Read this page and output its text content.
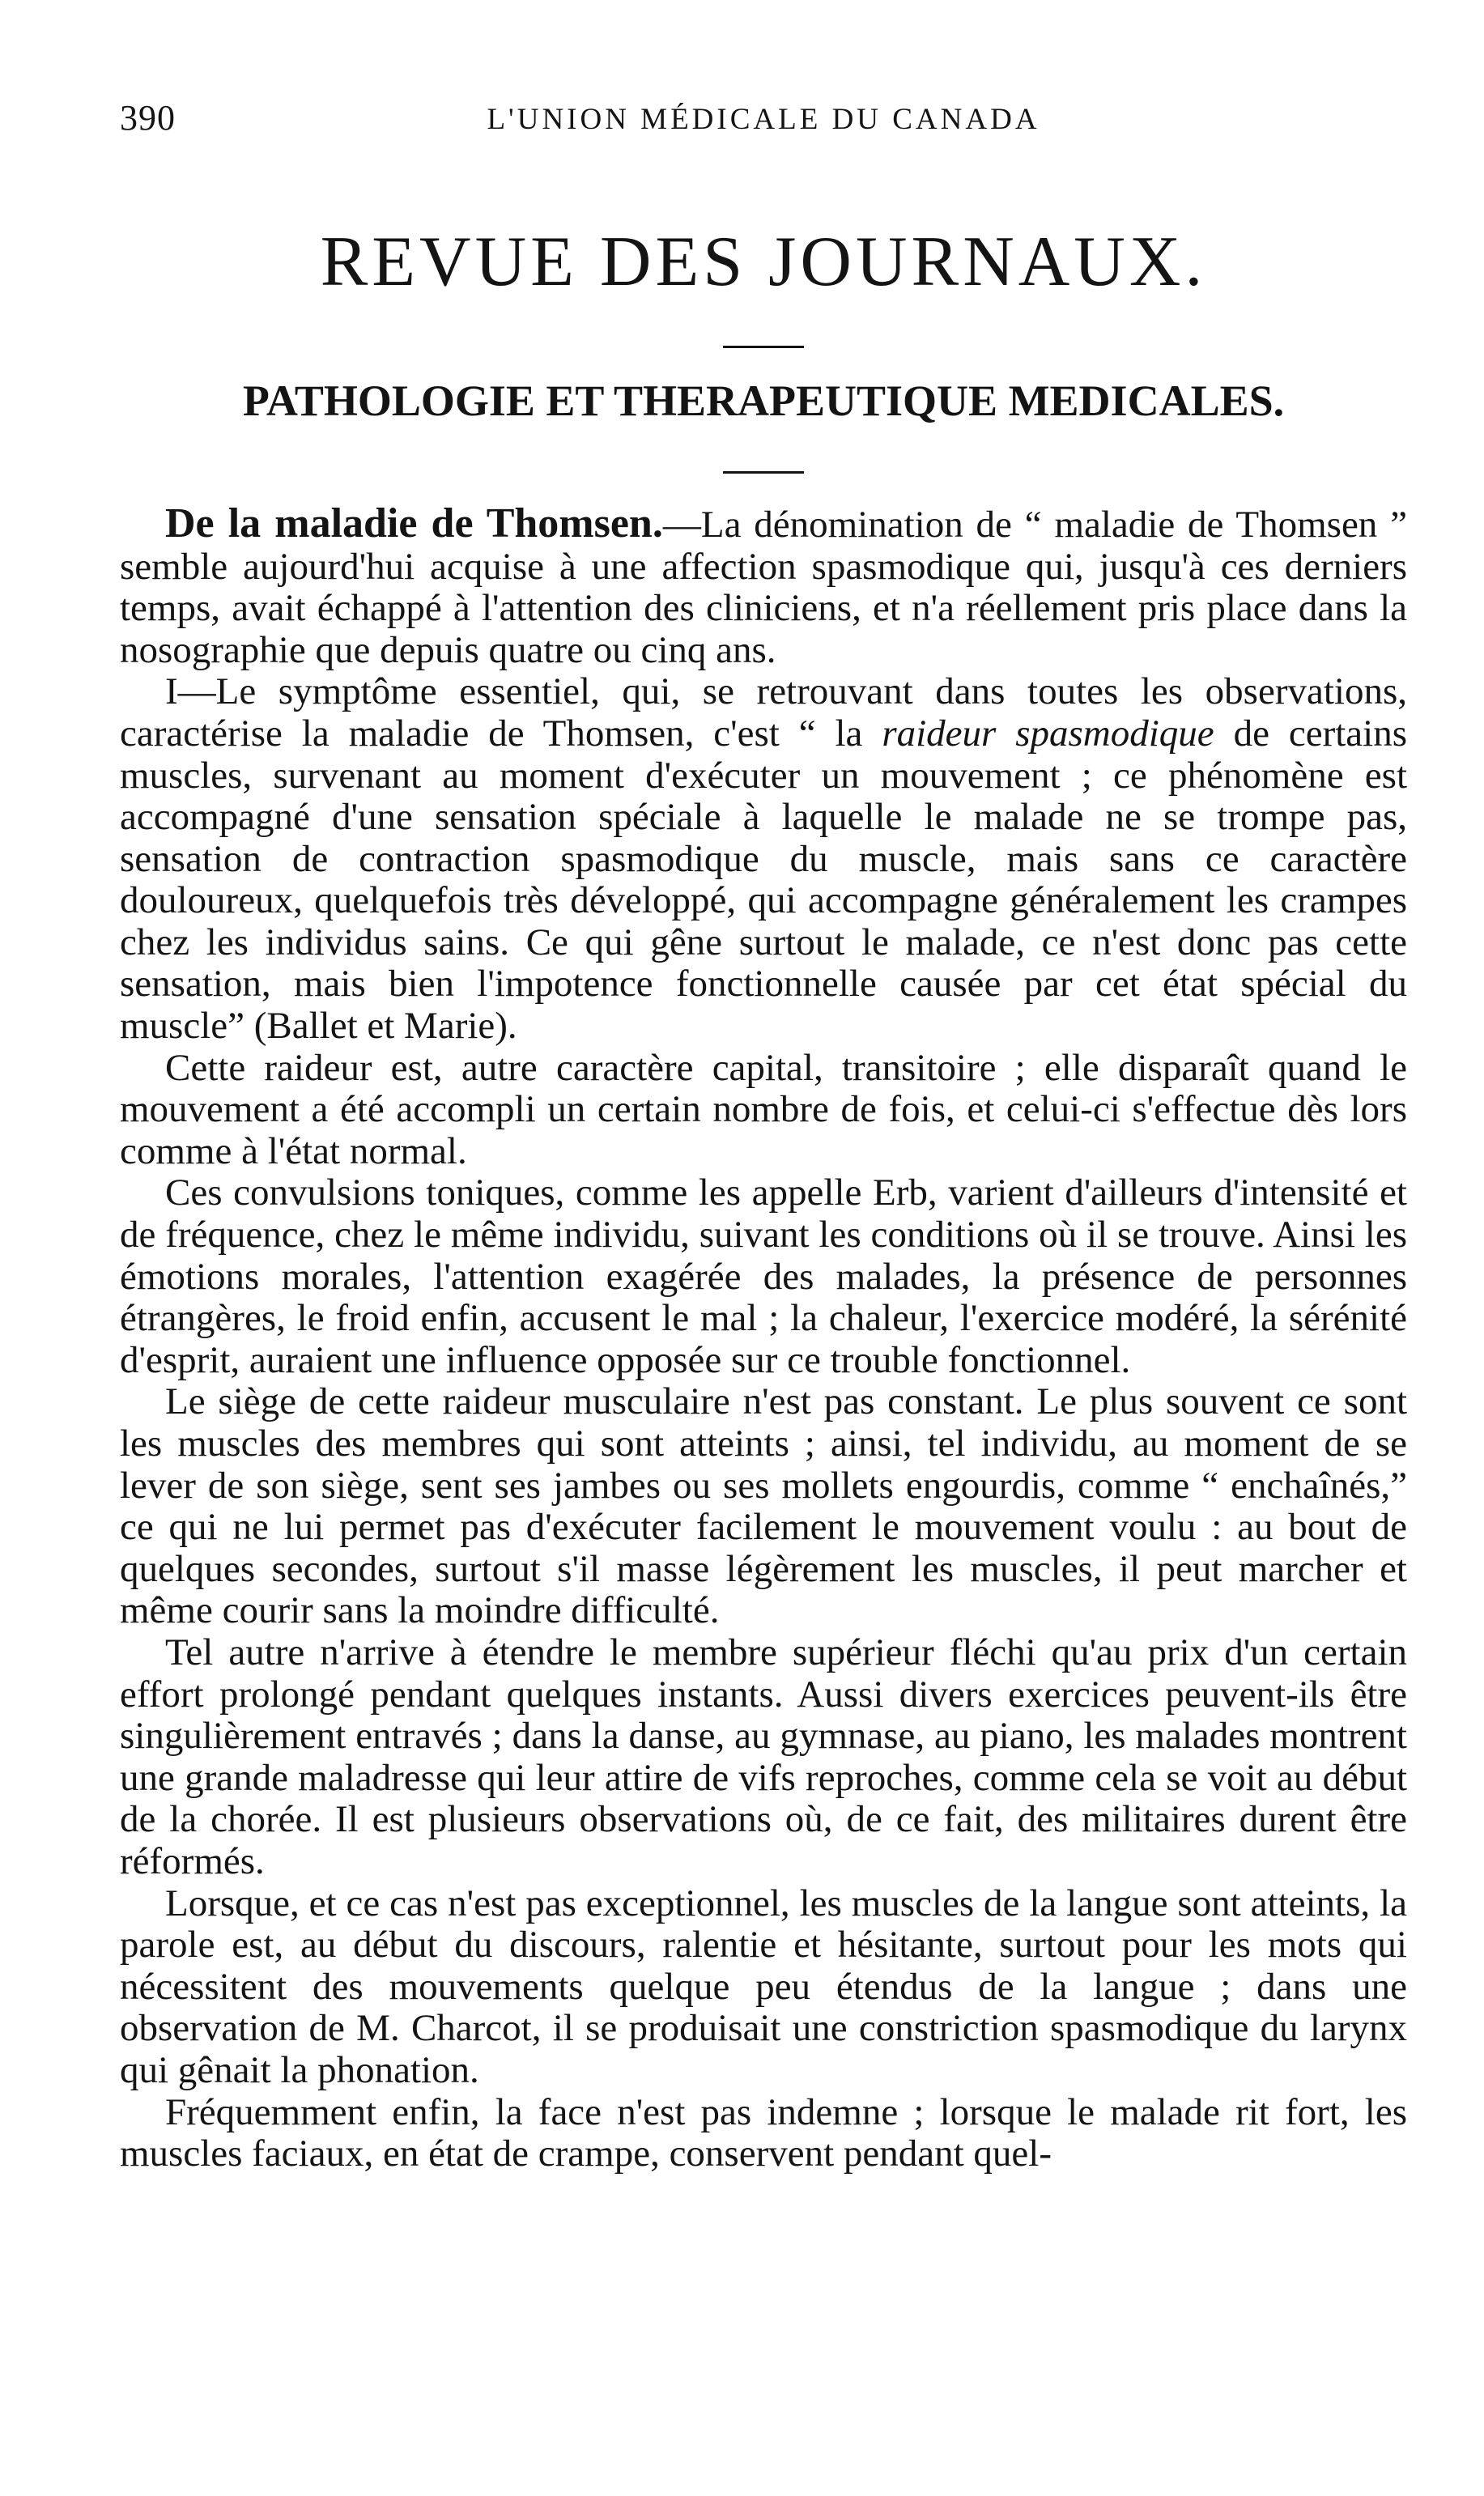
390	L'UNION MÉDICALE DU CANADA
REVUE DES JOURNAUX.
PATHOLOGIE ET THERAPEUTIQUE MEDICALES.

De la maladie de Thomsen.—La dénomination de “ maladie de Thomsen ” semble aujourd'hui acquise à une affection spasmodique qui, jusqu'à ces derniers temps, avait échappé à l'attention des cliniciens, et n'a réellement pris place dans la nosographie que depuis quatre ou cinq ans.

I—Le symptôme essentiel, qui, se retrouvant dans toutes les observations, caractérise la maladie de Thomsen, c'est “ la raideur spasmodique de certains muscles, survenant au moment d'exécuter un mouvement ; ce phénomène est accompagné d'une sensation spéciale à laquelle le malade ne se trompe pas, sensation de contraction spasmodique du muscle, mais sans ce caractère douloureux, quelquefois très développé, qui accompagne généralement les crampes chez les individus sains. Ce qui gêne surtout le malade, ce n'est donc pas cette sensation, mais bien l'impotence fonctionnelle causée par cet état spécial du muscle” (Ballet et Marie).

Cette raideur est, autre caractère capital, transitoire ; elle disparaît quand le mouvement a été accompli un certain nombre de fois, et celui-ci s'effectue dès lors comme à l'état normal.

Ces convulsions toniques, comme les appelle Erb, varient d'ailleurs d'intensité et de fréquence, chez le même individu, suivant les conditions où il se trouve. Ainsi les émotions morales, l'attention exagérée des malades, la présence de personnes étrangères, le froid enfin, accusent le mal ; la chaleur, l'exercice modéré, la sérénité d'esprit, auraient une influence opposée sur ce trouble fonctionnel.

Le siège de cette raideur musculaire n'est pas constant. Le plus souvent ce sont les muscles des membres qui sont atteints ; ainsi, tel individu, au moment de se lever de son siège, sent ses jambes ou ses mollets engourdis, comme “ enchaînés,” ce qui ne lui permet pas d'exécuter facilement le mouvement voulu : au bout de quelques secondes, surtout s'il masse légèrement les muscles, il peut marcher et même courir sans la moindre difficulté.

Tel autre n'arrive à étendre le membre supérieur fléchi qu'au prix d'un certain effort prolongé pendant quelques instants. Aussi divers exercices peuvent-ils être singulièrement entravés ; dans la danse, au gymnase, au piano, les malades montrent une grande maladresse qui leur attire de vifs reproches, comme cela se voit au début de la chorée. Il est plusieurs observations où, de ce fait, des militaires durent être réformés.

Lorsque, et ce cas n'est pas exceptionnel, les muscles de la langue sont atteints, la parole est, au début du discours, ralentie et hésitante, surtout pour les mots qui nécessitent des mouvements quelque peu étendus de la langue ; dans une observation de M. Charcot, il se produisait une constriction spasmodique du larynx qui gênait la phonation.

Fréquemment enfin, la face n'est pas indemne ; lorsque le malade rit fort, les muscles faciaux, en état de crampe, conservent pendant quel-
